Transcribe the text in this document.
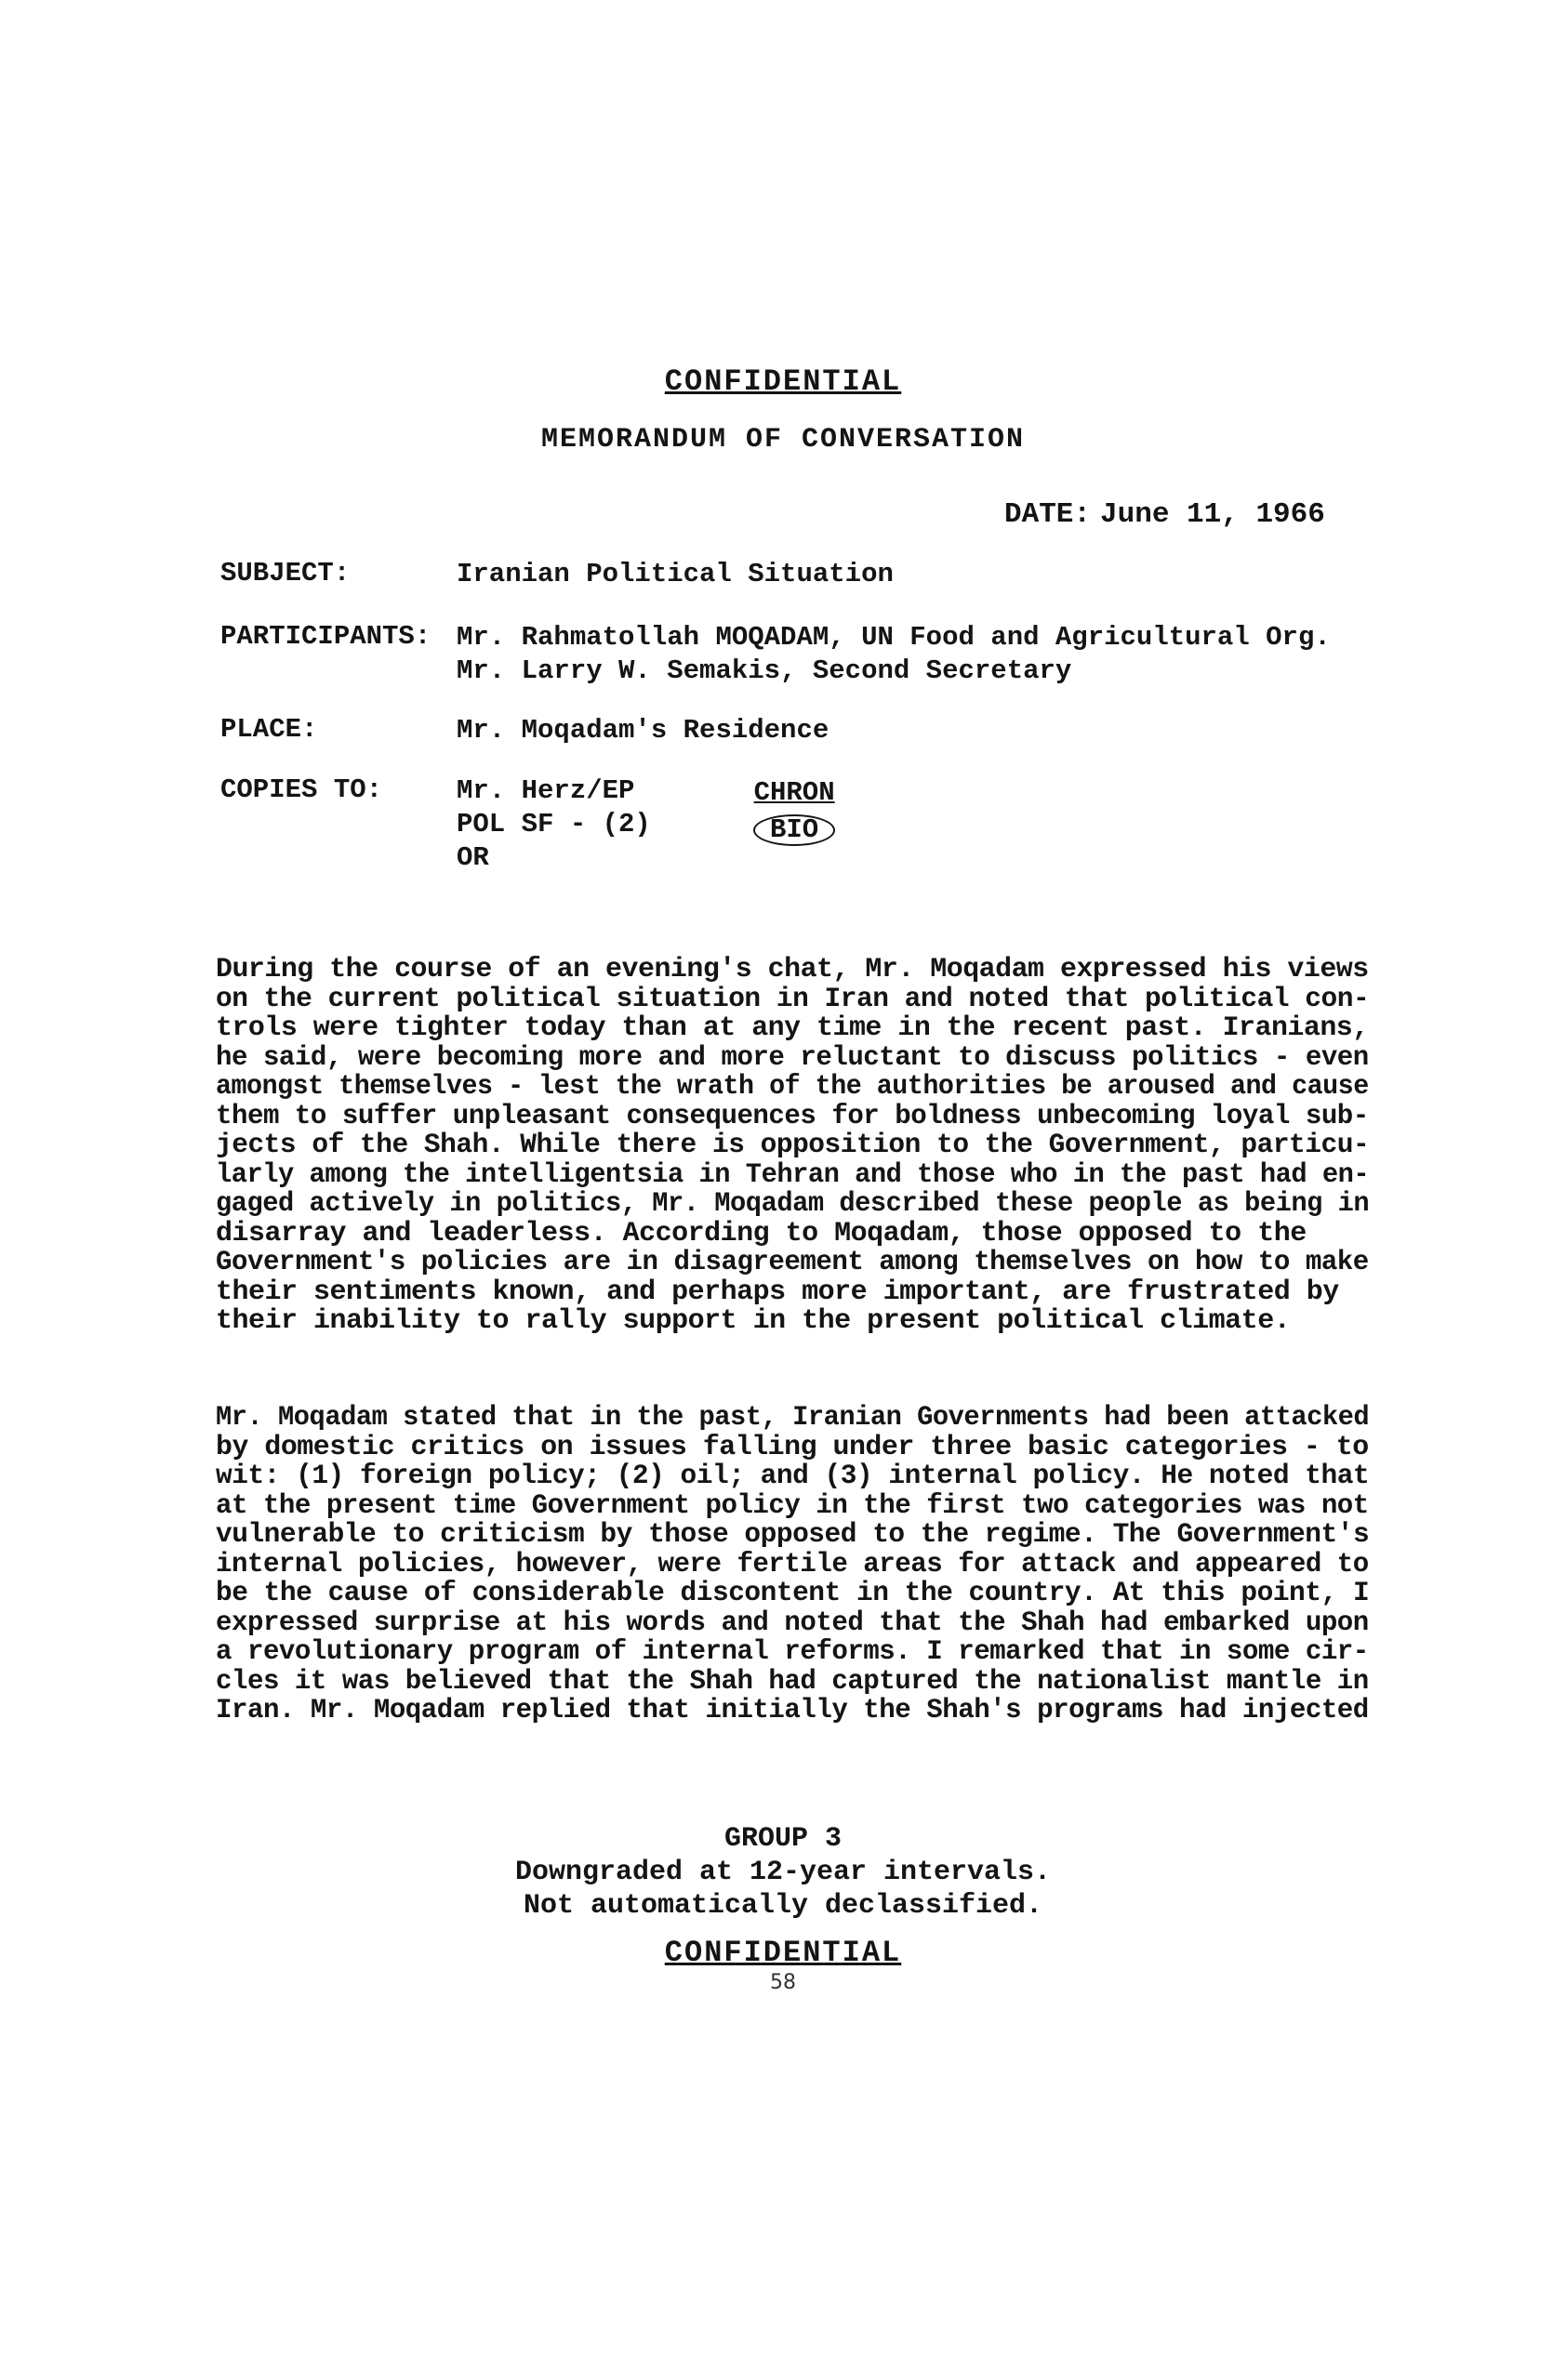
CONFIDENTIAL
MEMORANDUM OF CONVERSATION
DATE: June 11, 1966
SUBJECT:	Iranian Political Situation
PARTICIPANTS: Mr. Rahmatollah MOQADAM, UN Food and Agricultural Org.
Mr. Larry W. Semakis, Second Secretary
PLACE:	Mr. Moqadam's Residence
COPIES TO:	Mr. Herz/EP
POL SF - (2)
OR
CHRON
BIO
During the course of an evening's chat, Mr. Moqadam expressed his views
on the current political situation in Iran and noted that political con-
trols were tighter today than at any time in the recent past. Iranians,
he said, were becoming more and more reluctant to discuss politics - even
amongst themselves - lest the wrath of the authorities be aroused and cause
them to suffer unpleasant consequences for boldness unbecoming loyal sub-
jects of the Shah. While there is opposition to the Government, particu-
larly among the intelligentsia in Tehran and those who in the past had en-
gaged actively in politics, Mr. Moqadam described these people as being in
disarray and leaderless. According to Moqadam, those opposed to the
Government's policies are in disagreement among themselves on how to make
their sentiments known, and perhaps more important, are frustrated by
their inability to rally support in the present political climate.
Mr. Moqadam stated that in the past, Iranian Governments had been attacked
by domestic critics on issues falling under three basic categories - to
wit: (1) foreign policy; (2) oil; and (3) internal policy. He noted that
at the present time Government policy in the first two categories was not
vulnerable to criticism by those opposed to the regime. The Government's
internal policies, however, were fertile areas for attack and appeared to
be the cause of considerable discontent in the country. At this point, I
expressed surprise at his words and noted that the Shah had embarked upon
a revolutionary program of internal reforms. I remarked that in some cir-
cles it was believed that the Shah had captured the nationalist mantle in
Iran. Mr. Moqadam replied that initially the Shah's programs had injected
GROUP 3
Downgraded at 12-year intervals.
Not automatically declassified.
CONFIDENTIAL
58
